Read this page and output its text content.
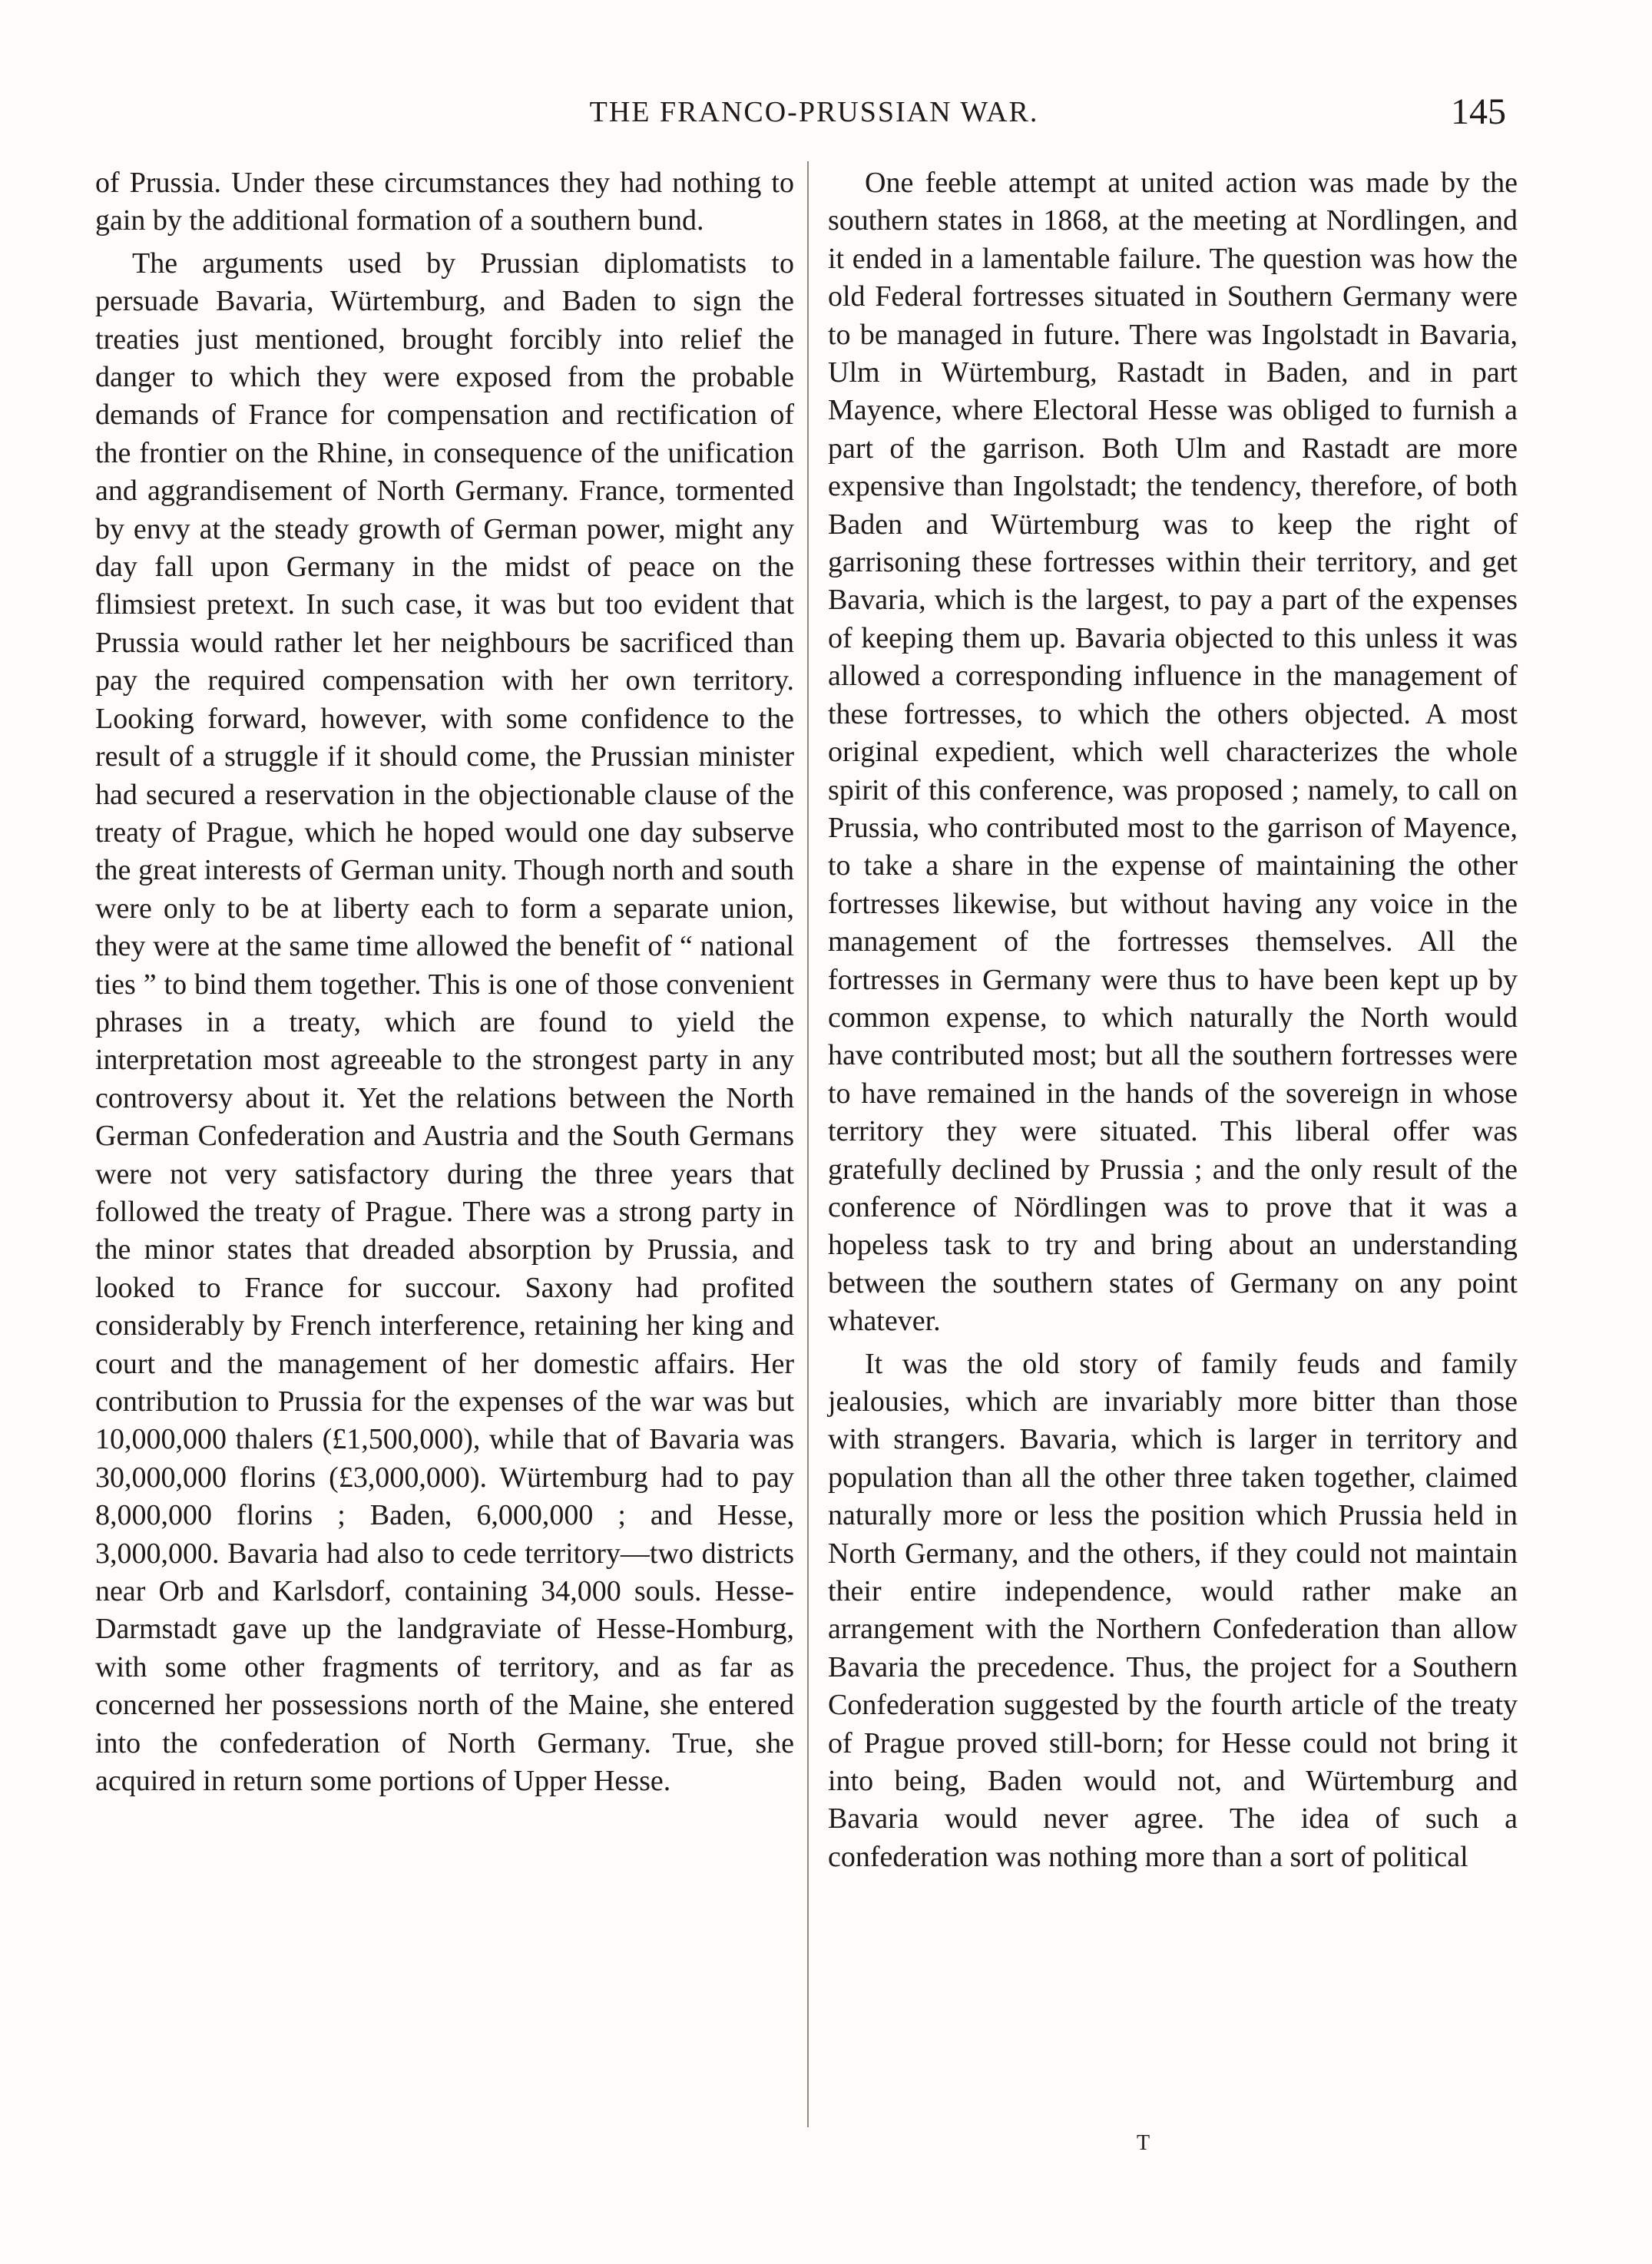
THE FRANCO-PRUSSIAN WAR.	145

of Prussia. Under these circumstances they had nothing to gain by the additional formation of a southern bund.

The arguments used by Prussian diplomatists to persuade Bavaria, Würtemburg, and Baden to sign the treaties just mentioned, brought forcibly into relief the danger to which they were exposed from the probable demands of France for compensation and rectification of the frontier on the Rhine, in consequence of the unification and aggrandisement of North Germany. France, tormented by envy at the steady growth of German power, might any day fall upon Germany in the midst of peace on the flimsiest pretext. In such case, it was but too evident that Prussia would rather let her neighbours be sacrificed than pay the required compensation with her own territory. Looking forward, however, with some confidence to the result of a struggle if it should come, the Prussian minister had secured a reservation in the objectionable clause of the treaty of Prague, which he hoped would one day subserve the great interests of German unity. Though north and south were only to be at liberty each to form a separate union, they were at the same time allowed the benefit of “ national ties ” to bind them together. This is one of those convenient phrases in a treaty, which are found to yield the interpretation most agreeable to the strongest party in any controversy about it. Yet the relations between the North German Confederation and Austria and the South Germans were not very satisfactory during the three years that followed the treaty of Prague. There was a strong party in the minor states that dreaded absorption by Prussia, and looked to France for succour. Saxony had profited considerably by French interference, retaining her king and court and the management of her domestic affairs. Her contribution to Prussia for the expenses of the war was but 10,000,000 thalers (£1,500,000), while that of Bavaria was 30,000,000 florins (£3,000,000). Würtemburg had to pay 8,000,000 florins ; Baden, 6,000,000 ; and Hesse, 3,000,000. Bavaria had also to cede territory—two districts near Orb and Karlsdorf, containing 34,000 souls. Hesse-Darmstadt gave up the landgraviate of Hesse-Homburg, with some other fragments of territory, and as far as concerned her possessions north of the Maine, she entered into the confederation of North Germany. True, she acquired in return some portions of Upper Hesse.

One feeble attempt at united action was made by the southern states in 1868, at the meeting at Nordlingen, and it ended in a lamentable failure. The question was how the old Federal fortresses situated in Southern Germany were to be managed in future. There was Ingolstadt in Bavaria, Ulm in Würtemburg, Rastadt in Baden, and in part Mayence, where Electoral Hesse was obliged to furnish a part of the garrison. Both Ulm and Rastadt are more expensive than Ingolstadt; the tendency, therefore, of both Baden and Würtemburg was to keep the right of garrisoning these fortresses within their territory, and get Bavaria, which is the largest, to pay a part of the expenses of keeping them up. Bavaria objected to this unless it was allowed a corresponding influence in the management of these fortresses, to which the others objected. A most original expedient, which well characterizes the whole spirit of this conference, was proposed ; namely, to call on Prussia, who contributed most to the garrison of Mayence, to take a share in the expense of maintaining the other fortresses likewise, but without having any voice in the management of the fortresses themselves. All the fortresses in Germany were thus to have been kept up by common expense, to which naturally the North would have contributed most; but all the southern fortresses were to have remained in the hands of the sovereign in whose territory they were situated. This liberal offer was gratefully declined by Prussia ; and the only result of the conference of Nördlingen was to prove that it was a hopeless task to try and bring about an understanding between the southern states of Germany on any point whatever.

It was the old story of family feuds and family jealousies, which are invariably more bitter than those with strangers. Bavaria, which is larger in territory and population than all the other three taken together, claimed naturally more or less the position which Prussia held in North Germany, and the others, if they could not maintain their entire independence, would rather make an arrangement with the Northern Confederation than allow Bavaria the precedence. Thus, the project for a Southern Confederation suggested by the fourth article of the treaty of Prague proved still-born; for Hesse could not bring it into being, Baden would not, and Würtemburg and Bavaria would never agree. The idea of such a confederation was nothing more than a sort of political

T
